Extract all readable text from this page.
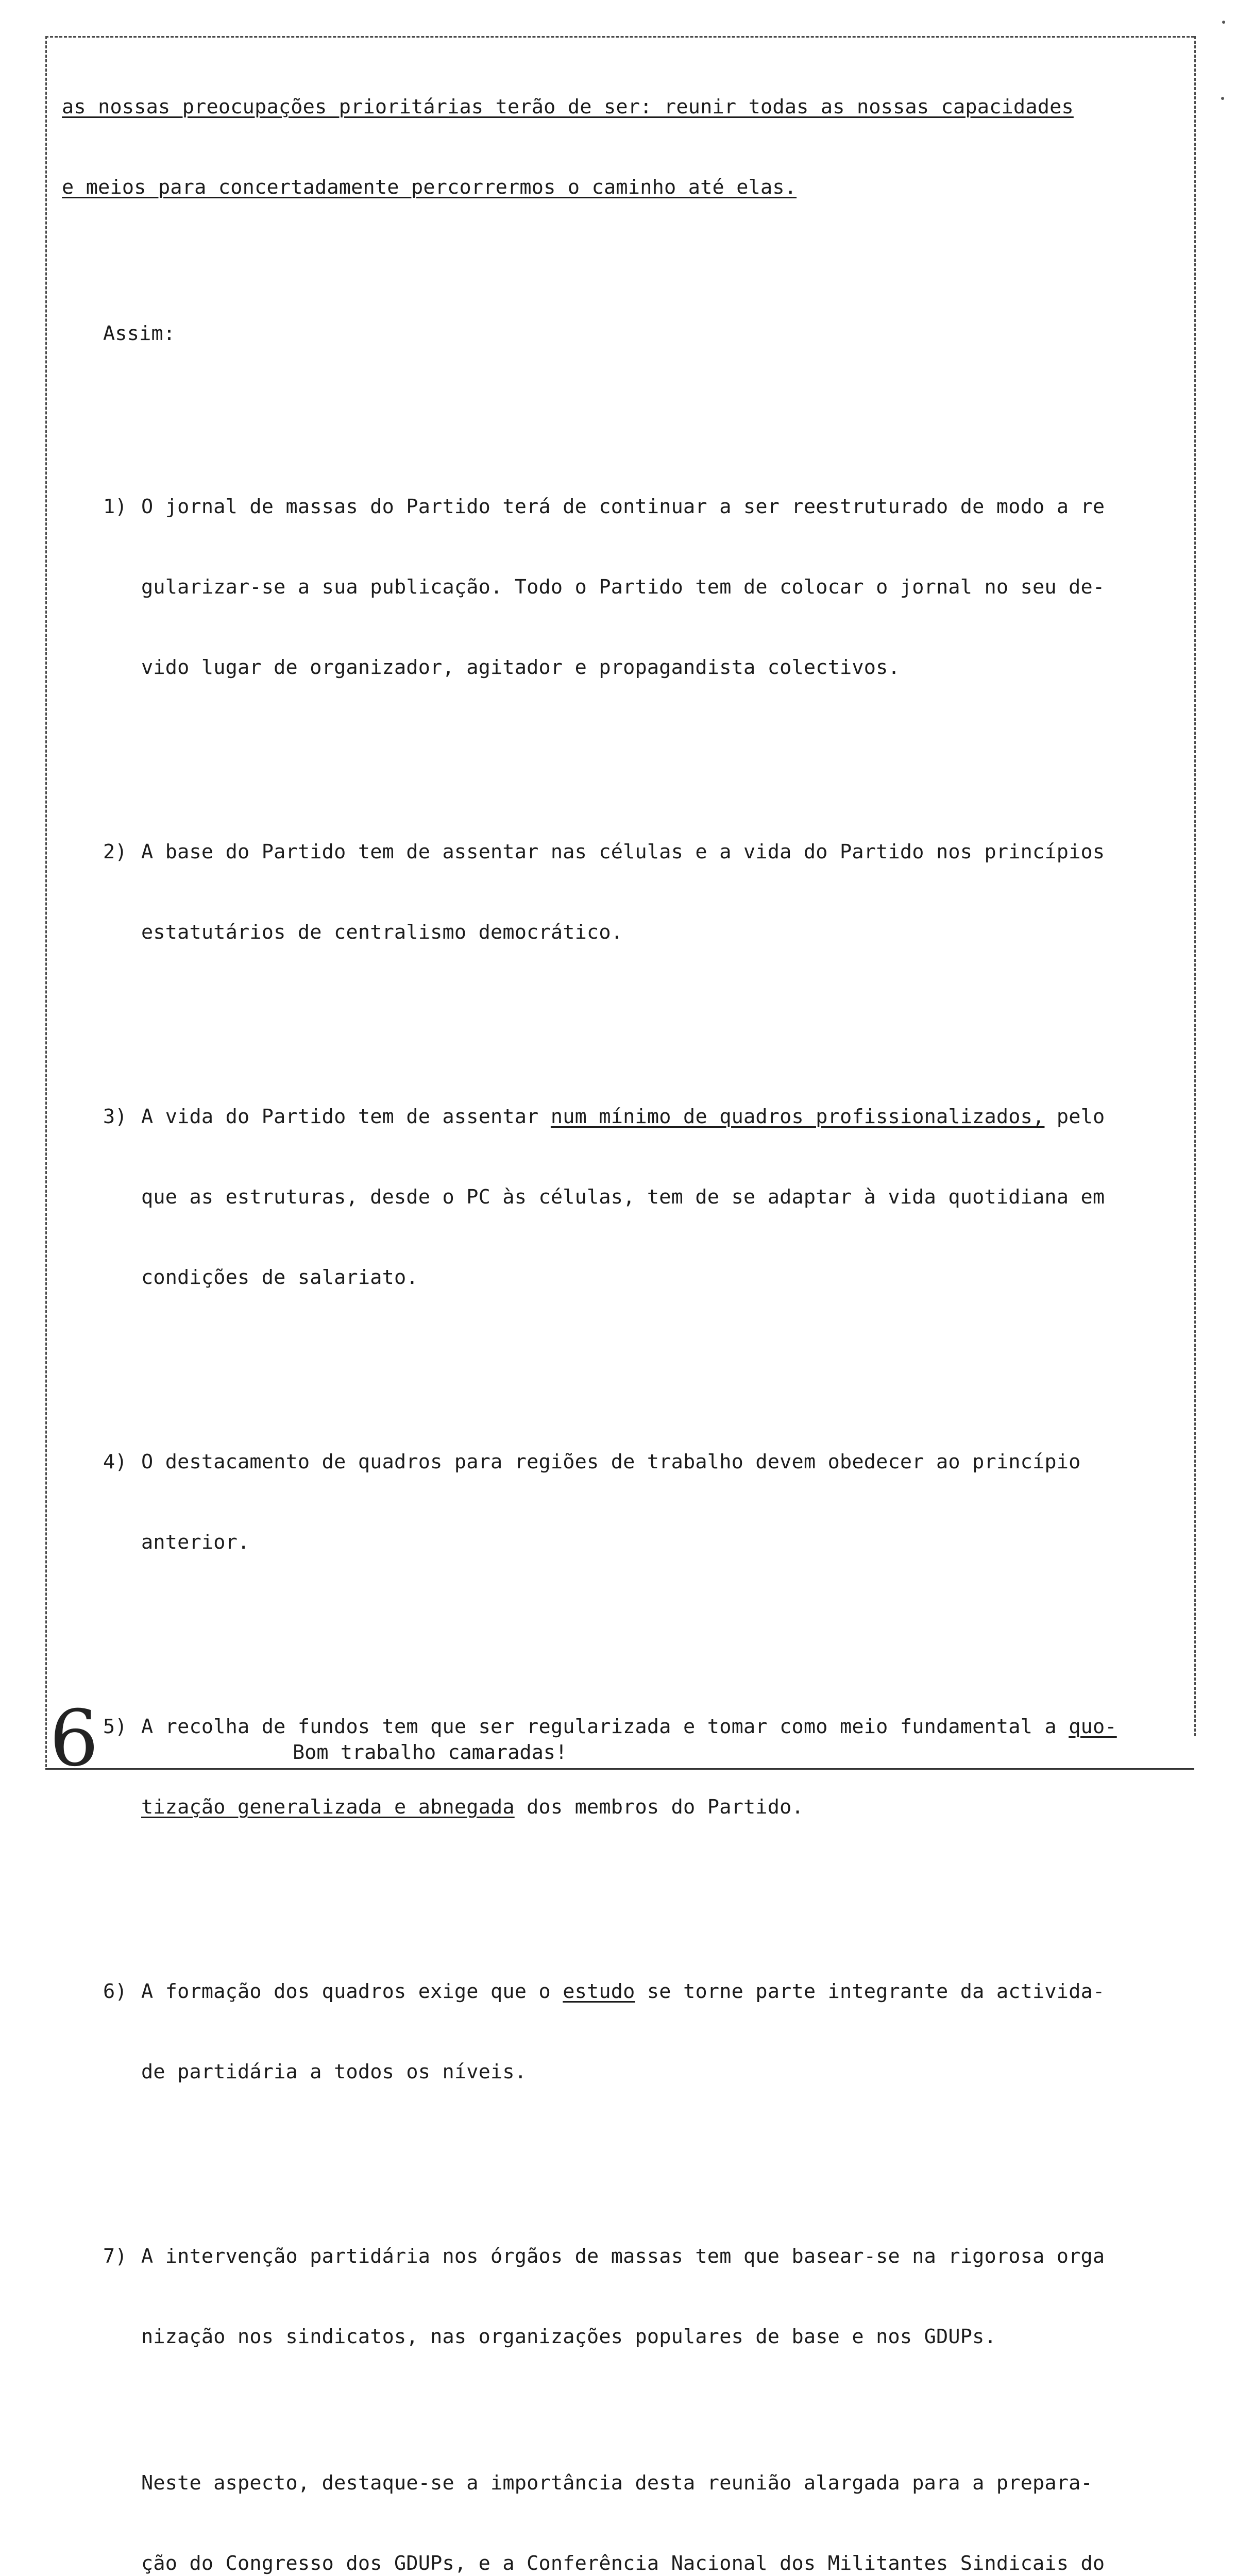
as nossas preocupações prioritárias terão de ser: reunir todas as nossas capacidades

e meios para concertadamente percorrermos o caminho até elas.

Assim:

1) O jornal de massas do Partido terá de continuar a ser reestruturado de modo a re

gularizar-se a sua publicação. Todo o Partido tem de colocar o jornal no seu de-

vido lugar de organizador, agitador e propagandista colectivos.

2) A base do Partido tem de assentar nas células e a vida do Partido nos princípios

estatutários de centralismo democrático.

3) A vida do Partido tem de assentar num mínimo de quadros profissionalizados, pelo

que as estruturas, desde o PC às células, tem de se adaptar à vida quotidiana em

condições de salariato.

4) O destacamento de quadros para regiões de trabalho devem obedecer ao princípio

anterior.

5) A recolha de fundos tem que ser regularizada e tomar como meio fundamental a quo-

tização generalizada e abnegada dos membros do Partido.

6) A formação dos quadros exige que o estudo se torne parte integrante da activida-

de partidária a todos os níveis.

7) A intervenção partidária nos órgãos de massas tem que basear-se na rigorosa orga

nização nos sindicatos, nas organizações populares de base e nos GDUPs.

Neste aspecto, destaque-se a importância desta reunião alargada para a prepara-

ção do Congresso dos GDUPs, e a Conferência Nacional dos Militantes Sindicais do

6	Bom trabalho camaradas!
